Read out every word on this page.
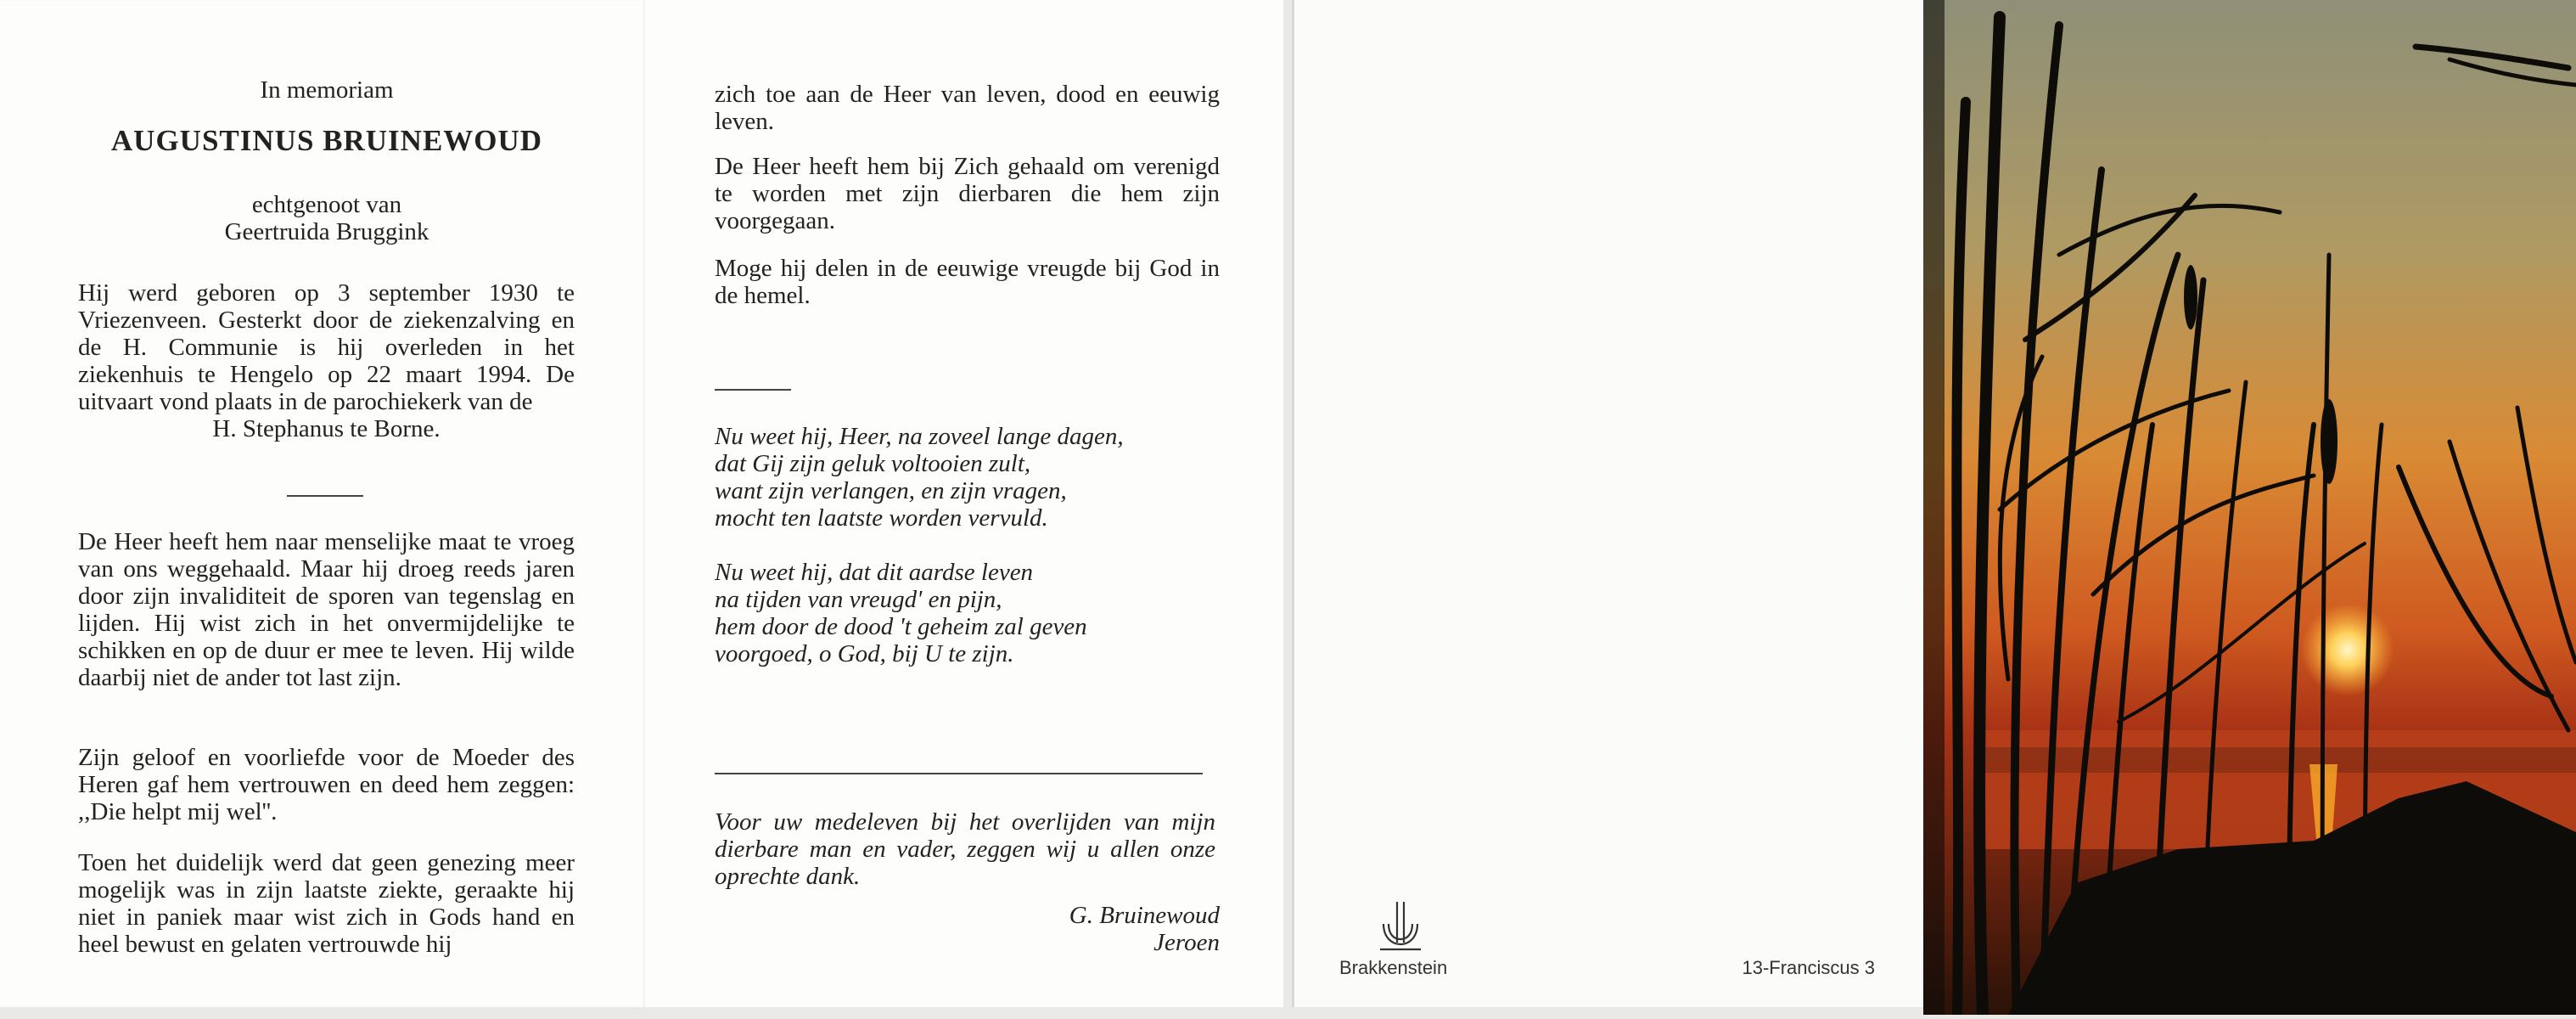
In memoriam
AUGUSTINUS BRUINEWOUD

echtgenoot van

Geertruida Bruggink

Hij werd geboren op 3 september 1930 te Vriezenveen. Gesterkt door de ziekenzalving en de H. Communie is hij overleden in het ziekenhuis te Hengelo op 22 maart 1994. De uitvaart vond plaats in de parochiekerk van de

H. Stephanus te Borne.

De Heer heeft hem naar menselijke maat te vroeg van ons weggehaald. Maar hij droeg reeds jaren door zijn invaliditeit de sporen van tegenslag en lijden. Hij wist zich in het onvermijdelijke te schikken en op de duur er mee te leven. Hij wilde daarbij niet de ander tot last zijn.

Zijn geloof en voorliefde voor de Moeder des Heren gaf hem vertrouwen en deed hem zeggen: ,,Die helpt mij wel''.

Toen het duidelijk werd dat geen genezing meer mogelijk was in zijn laatste ziekte, geraakte hij niet in paniek maar wist zich in Gods hand en heel bewust en gelaten vertrouwde hij

zich toe aan de Heer van leven, dood en eeuwig leven.

De Heer heeft hem bij Zich gehaald om verenigd te worden met zijn dierbaren die hem zijn voorgegaan.

Moge hij delen in de eeuwige vreugde bij God in de hemel.

Nu weet hij, Heer, na zoveel lange dagen,

dat Gij zijn geluk voltooien zult,

want zijn verlangen, en zijn vragen,

mocht ten laatste worden vervuld.

Nu weet hij, dat dit aardse leven

na tijden van vreugd' en pijn,

hem door de dood 't geheim zal geven

voorgoed, o God, bij U te zijn.

Voor uw medeleven bij het overlijden van mijn dierbare man en vader, zeggen wij u allen onze oprechte dank.

G. Bruinewoud

Jeroen

Brakkenstein	13-Franciscus 3
